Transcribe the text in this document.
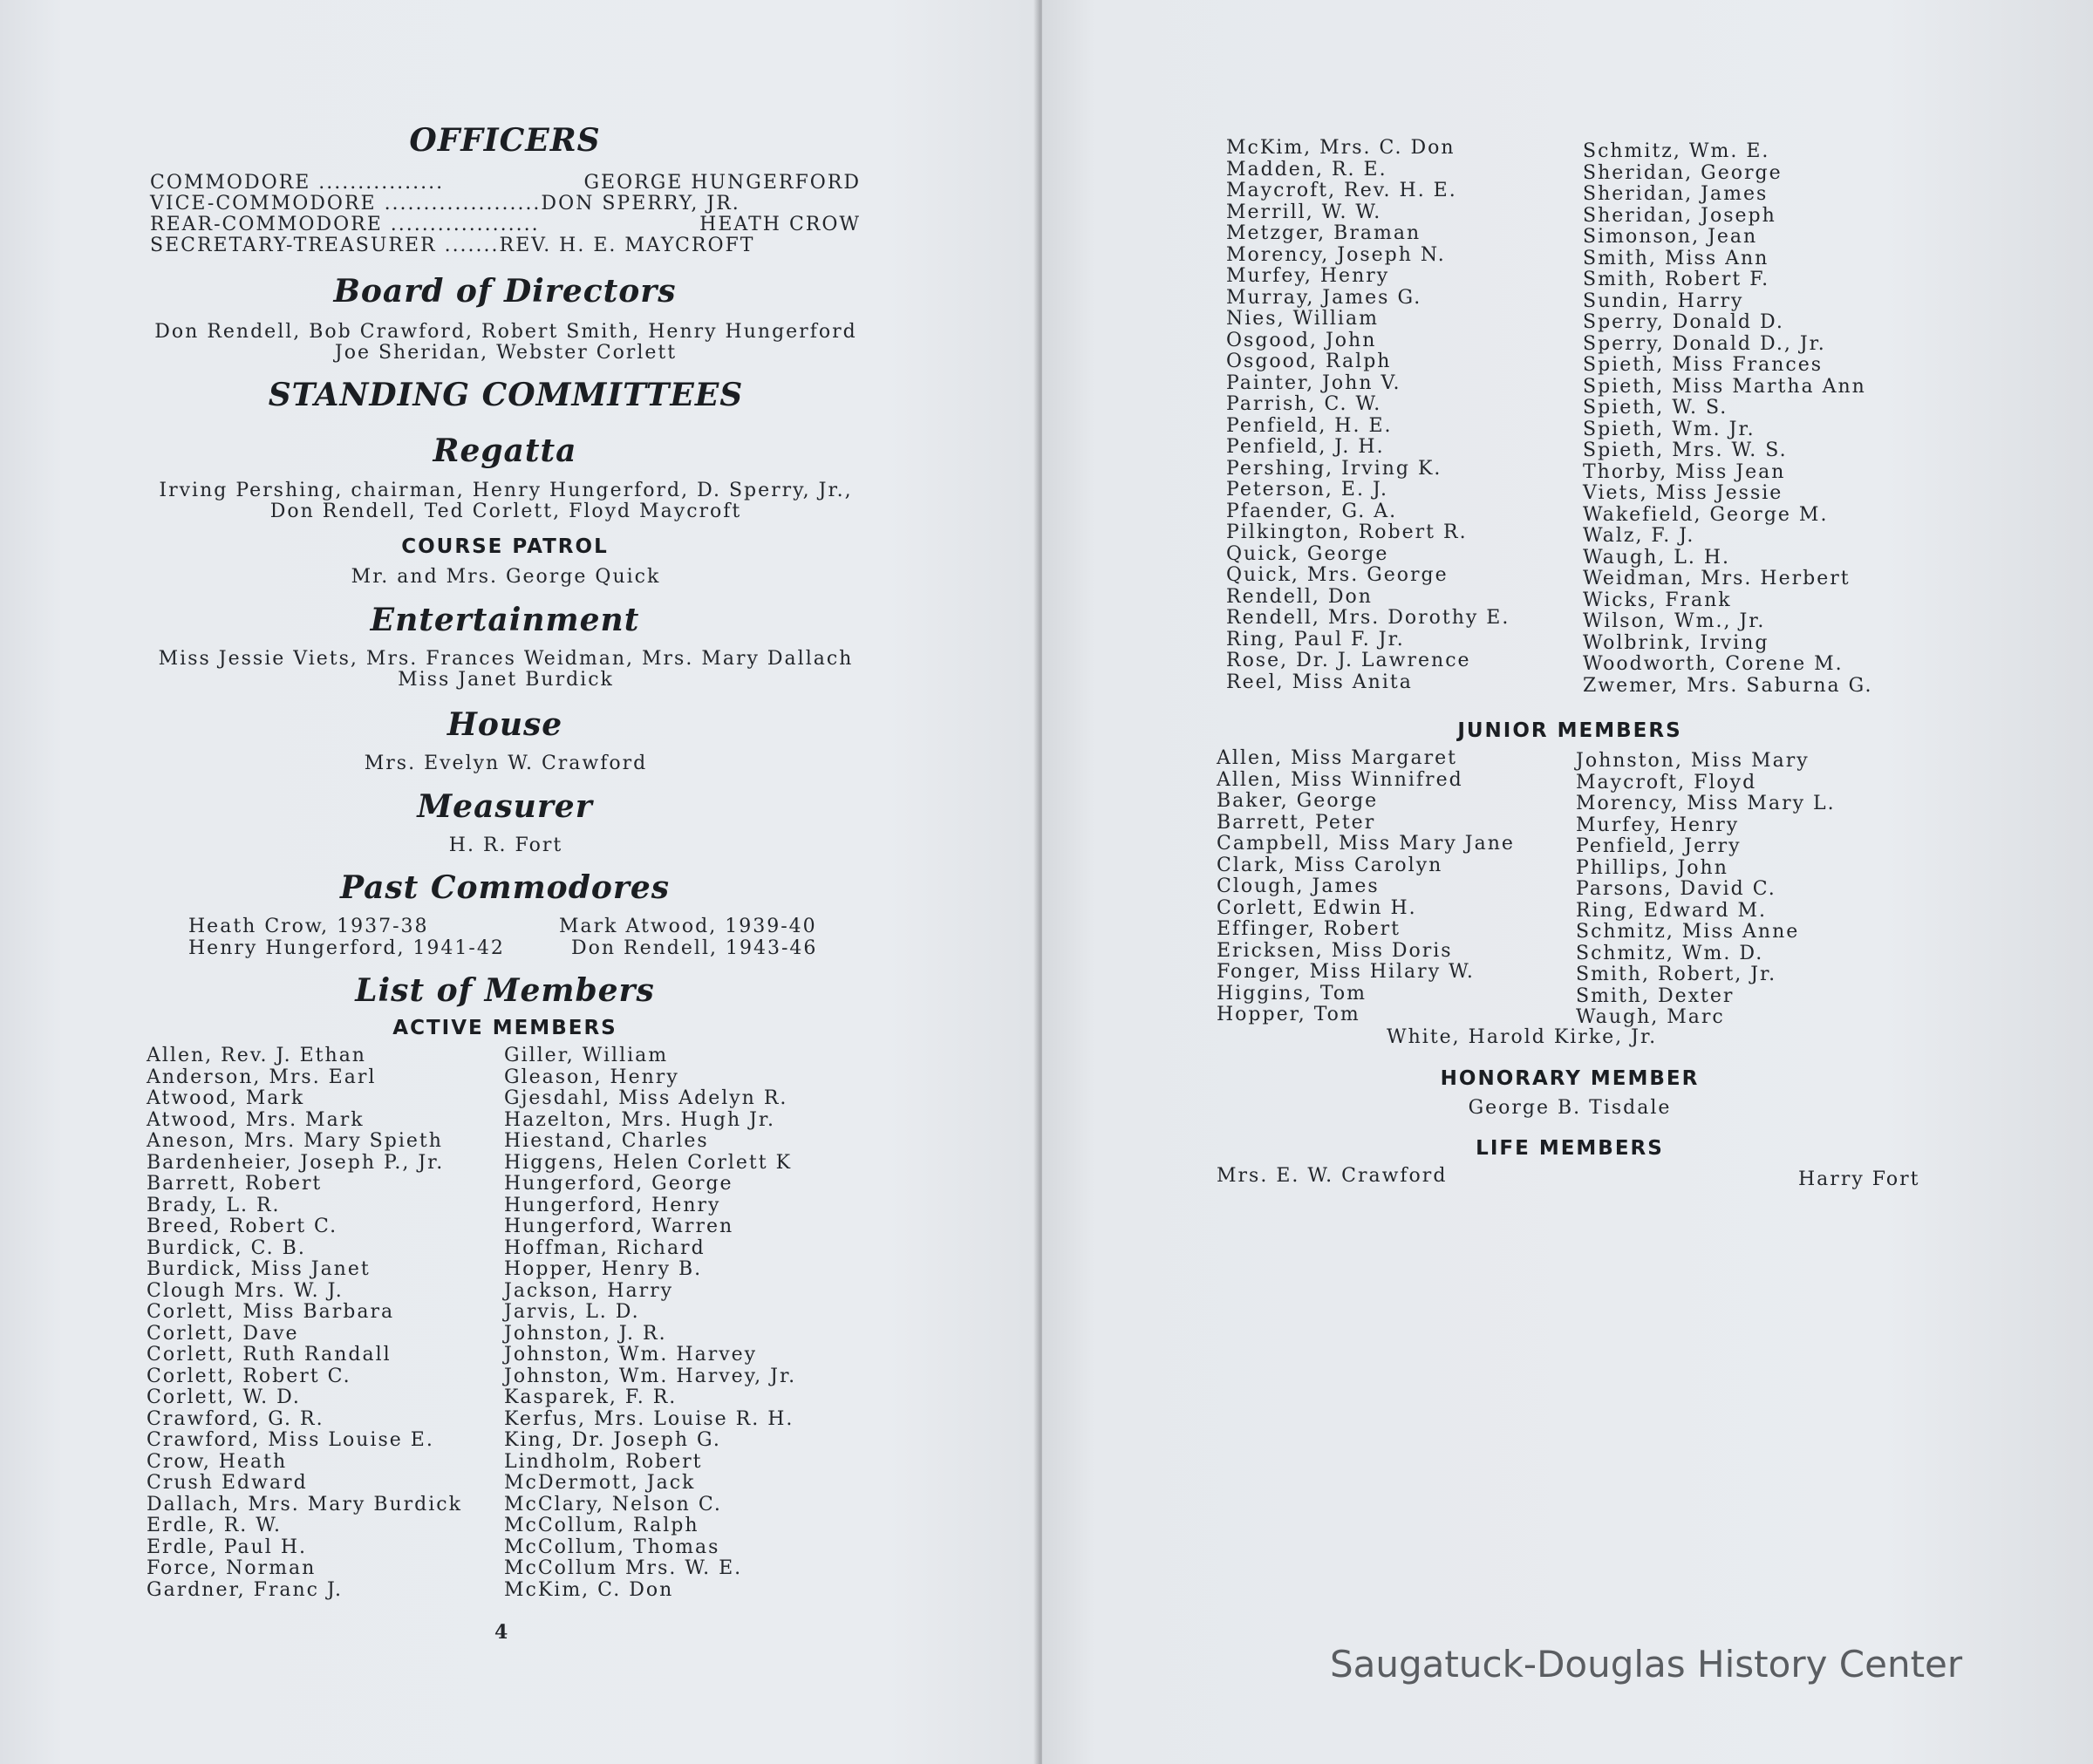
OFFICERS
COMMODORE ................	GEORGE HUNGERFORD
VICE-COMMODORE ....................DON SPERRY, JR.
REAR-COMMODORE ...................	HEATH CROW
SECRETARY-TREASURER .......REV. H. E. MAYCROFT
Board of Directors
Don Rendell, Bob Crawford, Robert Smith, Henry Hungerford
Joe Sheridan, Webster Corlett
STANDING COMMITTEES
Regatta
Irving Pershing, chairman, Henry Hungerford, D. Sperry, Jr.,
Don Rendell, Ted Corlett, Floyd Maycroft
COURSE PATROL
Mr. and Mrs. George Quick
Entertainment
Miss Jessie Viets, Mrs. Frances Weidman, Mrs. Mary Dallach
Miss Janet Burdick
House
Mrs. Evelyn W. Crawford
Measurer
H. R. Fort
Past Commodores
Heath Crow, 1937-38	Mark Atwood, 1939-40
Henry Hungerford, 1941-42	Don Rendell, 1943-46
List of Members
ACTIVE MEMBERS
Allen, Rev. J. Ethan
Anderson, Mrs. Earl
Atwood, Mark
Atwood, Mrs. Mark
Aneson, Mrs. Mary Spieth
Bardenheier, Joseph P., Jr.
Barrett, Robert
Brady, L. R.
Breed, Robert C.
Burdick, C. B.
Burdick, Miss Janet
Clough Mrs. W. J.
Corlett, Miss Barbara
Corlett, Dave
Corlett, Ruth Randall
Corlett, Robert C.
Corlett, W. D.
Crawford, G. R.
Crawford, Miss Louise E.
Crow, Heath
Crush Edward
Dallach, Mrs. Mary Burdick
Erdle, R. W.
Erdle, Paul H.
Force, Norman
Gardner, Franc J.
Giller, William
Gleason, Henry
Gjesdahl, Miss Adelyn R.
Hazelton, Mrs. Hugh Jr.
Hiestand, Charles
Higgens, Helen Corlett K
Hungerford, George
Hungerford, Henry
Hungerford, Warren
Hoffman, Richard
Hopper, Henry B.
Jackson, Harry
Jarvis, L. D.
Johnston, J. R.
Johnston, Wm. Harvey
Johnston, Wm. Harvey, Jr.
Kasparek, F. R.
Kerfus, Mrs. Louise R. H.
King, Dr. Joseph G.
Lindholm, Robert
McDermott, Jack
McClary, Nelson C.
McCollum, Ralph
McCollum, Thomas
McCollum Mrs. W. E.
McKim, C. Don
4
McKim, Mrs. C. Don
Madden, R. E.
Maycroft, Rev. H. E.
Merrill, W. W.
Metzger, Braman
Morency, Joseph N.
Murfey, Henry
Murray, James G.
Nies, William
Osgood, John
Osgood, Ralph
Painter, John V.
Parrish, C. W.
Penfield, H. E.
Penfield, J. H.
Pershing, Irving K.
Peterson, E. J.
Pfaender, G. A.
Pilkington, Robert R.
Quick, George
Quick, Mrs. George
Rendell, Don
Rendell, Mrs. Dorothy E.
Ring, Paul F. Jr.
Rose, Dr. J. Lawrence
Reel, Miss Anita
Schmitz, Wm. E.
Sheridan, George
Sheridan, James
Sheridan, Joseph
Simonson, Jean
Smith, Miss Ann
Smith, Robert F.
Sundin, Harry
Sperry, Donald D.
Sperry, Donald D., Jr.
Spieth, Miss Frances
Spieth, Miss Martha Ann
Spieth, W. S.
Spieth, Wm. Jr.
Spieth, Mrs. W. S.
Thorby, Miss Jean
Viets, Miss Jessie
Wakefield, George M.
Walz, F. J.
Waugh, L. H.
Weidman, Mrs. Herbert
Wicks, Frank
Wilson, Wm., Jr.
Wolbrink, Irving
Woodworth, Corene M.
Zwemer, Mrs. Saburna G.
JUNIOR MEMBERS
Allen, Miss Margaret
Allen, Miss Winnifred
Baker, George
Barrett, Peter
Campbell, Miss Mary Jane
Clark, Miss Carolyn
Clough, James
Corlett, Edwin H.
Effinger, Robert
Ericksen, Miss Doris
Fonger, Miss Hilary W.
Higgins, Tom
Hopper, Tom
Johnston, Miss Mary
Maycroft, Floyd
Morency, Miss Mary L.
Murfey, Henry
Penfield, Jerry
Phillips, John
Parsons, David C.
Ring, Edward M.
Schmitz, Miss Anne
Schmitz, Wm. D.
Smith, Robert, Jr.
Smith, Dexter
Waugh, Marc
White, Harold Kirke, Jr.
HONORARY MEMBER
George B. Tisdale
LIFE MEMBERS
Mrs. E. W. Crawford	Harry Fort
Saugatuck-Douglas History Center
